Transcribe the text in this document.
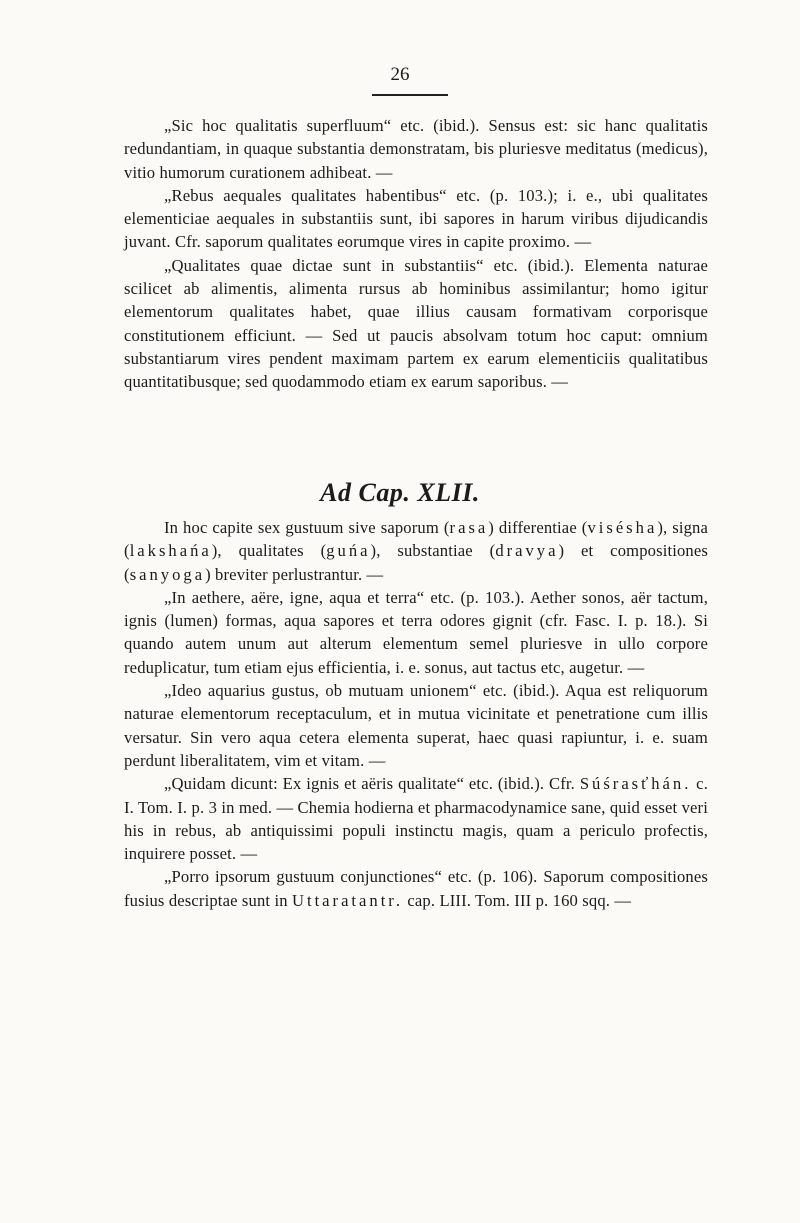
26

„Sic hoc qualitatis superfluum“ etc. (ibid.). Sensus est: sic hanc qualitatis redundantiam, in quaque substantia demonstratam, bis pluriesve meditatus (medicus), vitio humorum curationem adhibeat. —

„Rebus aequales qualitates habentibus“ etc. (p. 103.); i. e., ubi qualitates elementiciae aequales in substantiis sunt, ibi sapores in harum viribus dijudicandis juvant. Cfr. saporum qualitates eorumque vires in capite proximo. —

„Qualitates quae dictae sunt in substantiis“ etc. (ibid.). Elementa naturae scilicet ab alimentis, alimenta rursus ab hominibus assimilantur; homo igitur elementorum qualitates habet, quae illius causam formativam corporisque constitutionem efficiunt. — Sed ut paucis absolvam totum hoc caput: omnium substantiarum vires pendent maximam partem ex earum elementiciis qualitatibus quantitatibusque; sed quodammodo etiam ex earum saporibus. —

Ad Cap. XLII.

In hoc capite sex gustuum sive saporum (rasa) differentiae (visésha), signa (lakshańa), qualitates (guńa), substantiae (dravya) et compositiones (sanyoga) breviter perlustrantur. —

„In aethere, aëre, igne, aqua et terra“ etc. (p. 103.). Aether sonos, aër tactum, ignis (lumen) formas, aqua sapores et terra odores gignit (cfr. Fasc. I. p. 18.). Si quando autem unum aut alterum elementum semel pluriesve in ullo corpore reduplicatur, tum etiam ejus efficientia, i. e. sonus, aut tactus etc, augetur. —

„Ideo aquarius gustus, ob mutuam unionem“ etc. (ibid.). Aqua est reliquorum naturae elementorum receptaculum, et in mutua vicinitate et penetratione cum illis versatur. Sin vero aqua cetera elementa superat, haec quasi rapiuntur, i. e. suam perdunt liberalitatem, vim et vitam. —

„Quidam dicunt: Ex ignis et aëris qualitate“ etc. (ibid.). Cfr. Súśrasťhán. c. I. Tom. I. p. 3 in med. — Chemia hodierna et pharmacodynamice sane, quid esset veri his in rebus, ab antiquissimi populi instinctu magis, quam a periculo profectis, inquirere posset. —

„Porro ipsorum gustuum conjunctiones“ etc. (p. 106). Saporum compositiones fusius descriptae sunt in Uttaratantr. cap. LIII. Tom. III p. 160 sqq. —
